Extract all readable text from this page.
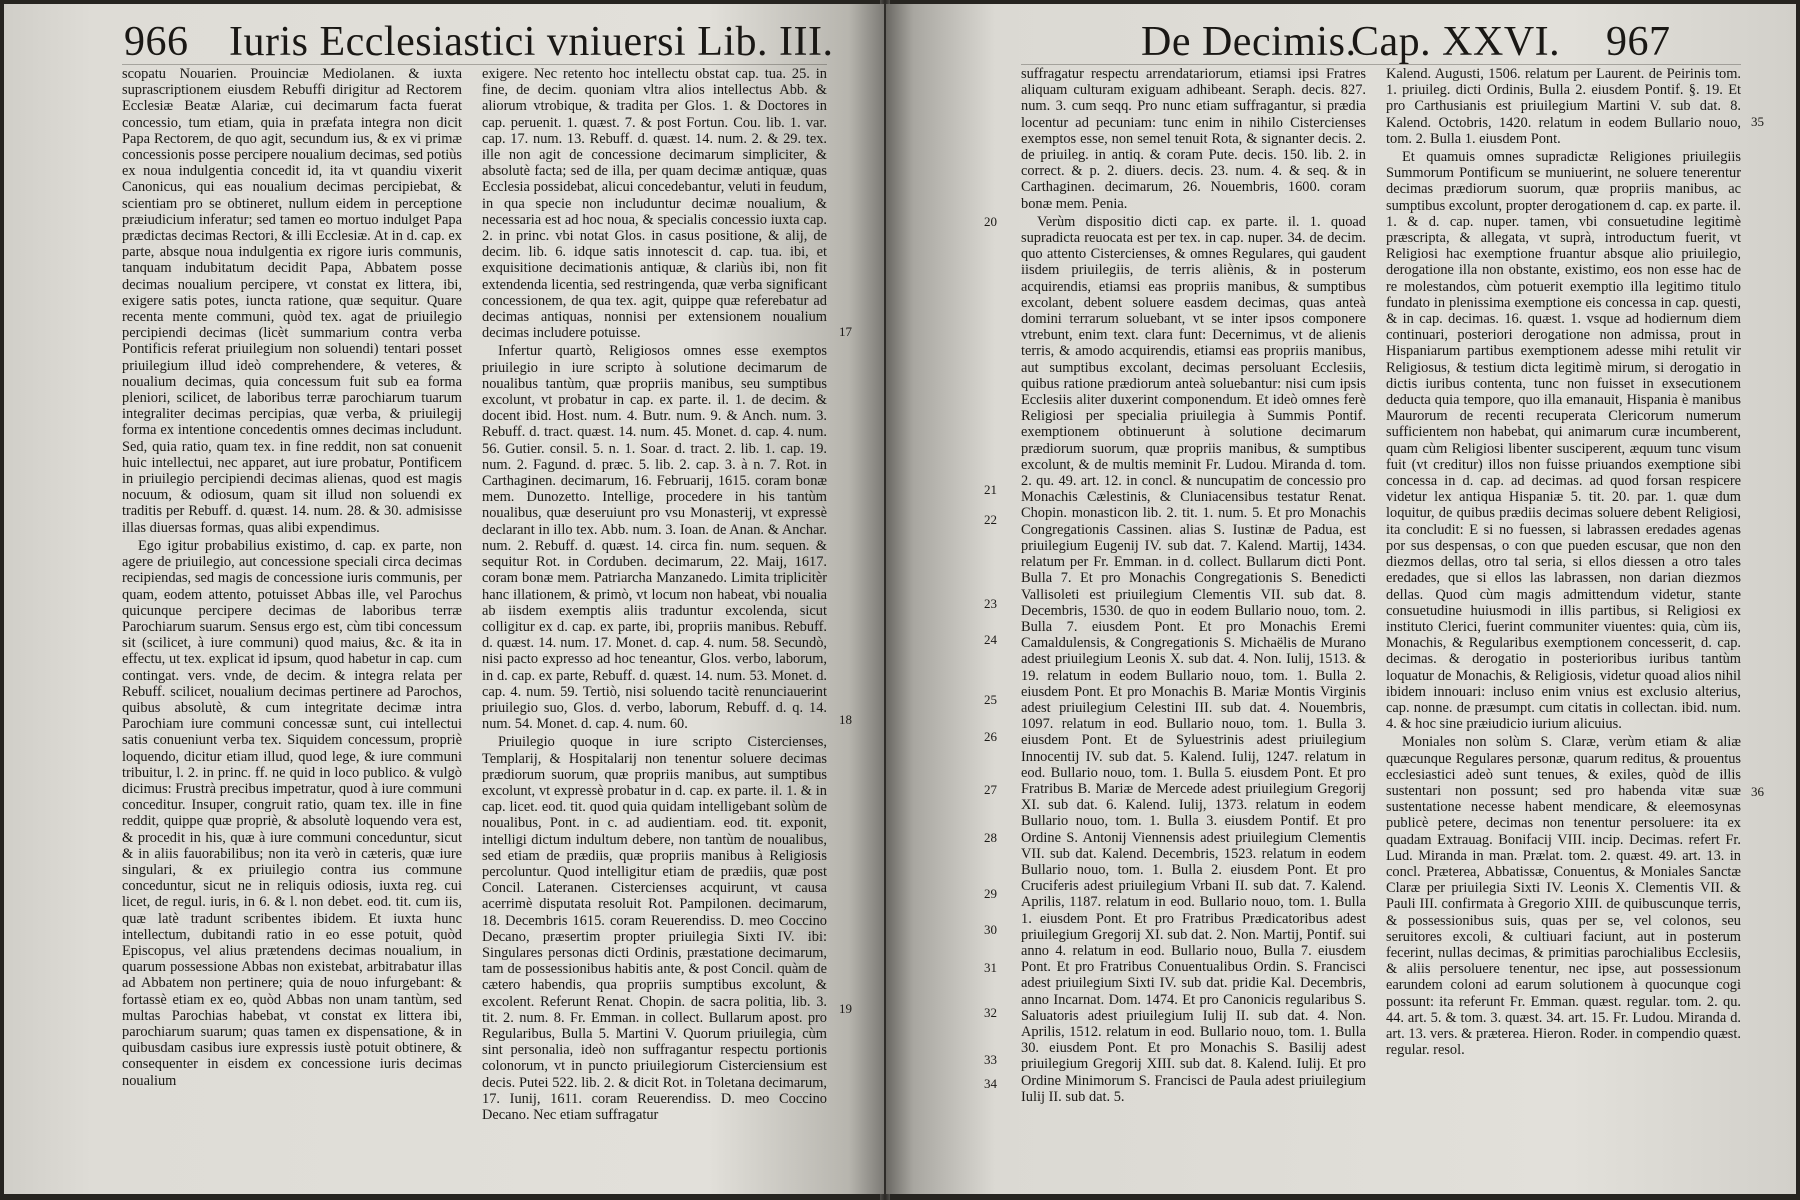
966 Iuris Ecclesiastici vniuersi Lib. III.

scopatu Nouarien. Prouinciæ Mediolanen. & iuxta suprascriptionem eiusdem Rebuffi dirigitur ad Rectorem Ecclesiæ Beatæ Alariæ, cui decimarum facta fuerat concessio, tum etiam, quia in præfata integra non dicit Papa Rectorem, de quo agit, secundum ius, & ex vi primæ concessionis posse percipere noualium decimas, sed potiùs ex noua indulgentia concedit id, ita vt quandiu vixerit Canonicus, qui eas noualium decimas percipiebat, & scientiam pro se obtineret, nullum eidem in perceptione præiudicium inferatur; sed tamen eo mortuo indulget Papa prædictas decimas Rectori, & illi Ecclesiæ. At in d. cap. ex parte, absque noua indulgentia ex rigore iuris communis, tanquam indubitatum decidit Papa, Abbatem posse decimas noualium percipere, vt constat ex littera, ibi, exigere satis potes, iuncta ratione, quæ sequitur. Quare recenta mente communi, quòd tex. agat de priuilegio percipiendi decimas (licèt summarium contra verba Pontificis referat priuilegium non soluendi) tentari posset priuilegium illud ideò comprehendere, & veteres, & noualium decimas, quia concessum fuit sub ea forma pleniori, scilicet, de laboribus terræ parochiarum tuarum integraliter decimas percipias, quæ verba, & priuilegij forma ex intentione concedentis omnes decimas includunt. Sed, quia ratio, quam tex. in fine reddit, non sat conuenit huic intellectui, nec apparet, aut iure probatur, Pontificem in priuilegio percipiendi decimas alienas, quod est magis nocuum, & odiosum, quam sit illud non soluendi ex traditis per Rebuff. d. quæst. 14. num. 28. & 30. admisisse illas diuersas formas, quas alibi expendimus.

Ego igitur probabilius existimo, d. cap. ex parte, non agere de priuilegio, aut concessione speciali circa decimas recipiendas, sed magis de concessione iuris communis, per quam, eodem attento, potuisset Abbas ille, vel Parochus quicunque percipere decimas de laboribus terræ Parochiarum suarum. Sensus ergo est, cùm tibi concessum sit (scilicet, à iure communi) quod maius, &c. & ita in effectu, ut tex. explicat id ipsum, quod habetur in cap. cum contingat. vers. vnde, de decim. & integra relata per Rebuff. scilicet, noualium decimas pertinere ad Parochos, quibus absolutè, & cum integritate decimæ intra Parochiam iure communi concessæ sunt, cui intellectui satis conueniunt verba tex. Siquidem concessum, propriè loquendo, dicitur etiam illud, quod lege, & iure communi tribuitur, l. 2. in princ. ff. ne quid in loco publico. & vulgò dicimus: Frustrà precibus impetratur, quod à iure communi conceditur. Insuper, congruit ratio, quam tex. ille in fine reddit, quippe quæ propriè, & absolutè loquendo vera est, & procedit in his, quæ à iure communi conceduntur, sicut & in aliis fauorabilibus; non ita verò in cæteris, quæ iure singulari, & ex priuilegio contra ius commune conceduntur, sicut ne in reliquis odiosis, iuxta reg. cui licet, de regul. iuris, in 6. & l. non debet. eod. tit. cum iis, quæ latè tradunt scribentes ibidem. Et iuxta hunc intellectum, dubitandi ratio in eo esse potuit, quòd Episcopus, vel alius prætendens decimas noualium, in quarum possessione Abbas non existebat, arbitrabatur illas ad Abbatem non pertinere; quia de nouo infurgebant: & fortassè etiam ex eo, quòd Abbas non unam tantùm, sed multas Parochias habebat, vt constat ex littera ibi, parochiarum suarum; quas tamen ex dispensatione, & in quibusdam casibus iure expressis iustè potuit obtinere, & consequenter in eisdem ex concessione iuris decimas noualium

exigere. Nec retento hoc intellectu obstat cap. tua. 25. in fine, de decim. quoniam vltra alios intellectus Abb. & aliorum vtrobique, & tradita per Glos. 1. & Doctores in cap. peruenit. 1. quæst. 7. & post Fortun. Cou. lib. 1. var. cap. 17. num. 13. Rebuff. d. quæst. 14. num. 2. & 29. tex. ille non agit de concessione decimarum simpliciter, & absolutè facta; sed de illa, per quam decimæ antiquæ, quas Ecclesia possidebat, alicui concedebantur, veluti in feudum, in qua specie non includuntur decimæ noualium, & necessaria est ad hoc noua, & specialis concessio iuxta cap. 2. in princ. vbi notat Glos. in casus positione, & alij, de decim. lib. 6. idque satis innotescit d. cap. tua. ibi, et exquisitione decimationis antiquæ, & clariùs ibi, non fit extendenda licentia, sed restringenda, quæ verba significant concessionem, de qua tex. agit, quippe quæ referebatur ad decimas antiquas, nonnisi per extensionem noualium decimas includere potuisse.

Infertur quartò, Religiosos omnes esse exemptos priuilegio in iure scripto à solutione decimarum de noualibus tantùm, quæ propriis manibus, seu sumptibus excolunt, vt probatur in cap. ex parte. il. 1. de decim. & docent ibid. Host. num. 4. Butr. num. 9. & Anch. num. 3. Rebuff. d. tract. quæst. 14. num. 45. Monet. d. cap. 4. num. 56. Gutier. consil. 5. n. 1. Soar. d. tract. 2. lib. 1. cap. 19. num. 2. Fagund. d. præc. 5. lib. 2. cap. 3. à n. 7. Rot. in Carthaginen. decimarum, 16. Februarij, 1615. coram bonæ mem. Dunozetto. Intellige, procedere in his tantùm noualibus, quæ deseruiunt pro vsu Monasterij, vt expressè declarant in illo tex. Abb. num. 3. Ioan. de Anan. & Anchar. num. 2. Rebuff. d. quæst. 14. circa fin. num. sequen. & sequitur Rot. in Corduben. decimarum, 22. Maij, 1617. coram bonæ mem. Patriarcha Manzanedo. Limita triplicitèr hanc illationem, & primò, vt locum non habeat, vbi noualia ab iisdem exemptis aliis traduntur excolenda, sicut colligitur ex d. cap. ex parte, ibi, propriis manibus. Rebuff. d. quæst. 14. num. 17. Monet. d. cap. 4. num. 58. Secundò, nisi pacto expresso ad hoc teneantur, Glos. verbo, laborum, in d. cap. ex parte, Rebuff. d. quæst. 14. num. 53. Monet. d. cap. 4. num. 59. Tertiò, nisi soluendo tacitè renunciauerint priuilegio suo, Glos. d. verbo, laborum, Rebuff. d. q. 14. num. 54. Monet. d. cap. 4. num. 60.

Priuilegio quoque in iure scripto Cistercienses, Templarij, & Hospitalarij non tenentur soluere decimas prædiorum suorum, quæ propriis manibus, aut sumptibus excolunt, vt expressè probatur in d. cap. ex parte. il. 1. & in cap. licet. eod. tit. quod quia quidam intelligebant solùm de noualibus, Pont. in c. ad audientiam. eod. tit. exponit, intelligi dictum indultum debere, non tantùm de noualibus, sed etiam de prædiis, quæ propriis manibus à Religiosis percoluntur. Quod intelligitur etiam de prædiis, quæ post Concil. Lateranen. Cistercienses acquirunt, vt causa acerrimè disputata resoluit Rot. Pampilonen. decimarum, 18. Decembris 1615. coram Reuerendiss. D. meo Coccino Decano, præsertim propter priuilegia Sixti IV. ibi: Singulares personas dicti Ordinis, præstatione decimarum, tam de possessionibus habitis ante, & post Concil. quàm de cætero habendis, qua propriis sumptibus excolunt, & excolent. Referunt Renat. Chopin. de sacra politia, lib. 3. tit. 2. num. 8. Fr. Emman. in collect. Bullarum apost. pro Regularibus, Bulla 5. Martini V. Quorum priuilegia, cùm sint personalia, ideò non suffragantur respectu portionis colonorum, vt in puncto priuilegiorum Cisterciensium est decis. Putei 522. lib. 2. & dicit Rot. in Toletana decimarum, 17. Iunij, 1611. coram Reuerendiss. D. meo Coccino Decano. Nec etiam suffragatur

17
18
19
De Decimis.
Cap. XXVI. 967

suffragatur respectu arrendatariorum, etiamsi ipsi Fratres aliquam culturam exiguam adhibeant. Seraph. decis. 827. num. 3. cum seqq. Pro nunc etiam suffragantur, si prædia locentur ad pecuniam: tunc enim in nihilo Cistercienses exemptos esse, non semel tenuit Rota, & signanter decis. 2. de priuileg. in antiq. & coram Pute. decis. 150. lib. 2. in correct. & p. 2. diuers. decis. 23. num. 4. & seq. & in Carthaginen. decimarum, 26. Nouembris, 1600. coram bonæ mem. Penia.

Verùm dispositio dicti cap. ex parte. il. 1. quoad supradicta reuocata est per tex. in cap. nuper. 34. de decim. quo attento Cistercienses, & omnes Regulares, qui gaudent iisdem priuilegiis, de terris aliènis, & in posterum acquirendis, etiamsi eas propriis manibus, & sumptibus excolant, debent soluere easdem decimas, quas anteà domini terrarum soluebant, vt se inter ipsos componere vtrebunt, enim text. clara funt: Decernimus, vt de alienis terris, & amodo acquirendis, etiamsi eas propriis manibus, aut sumptibus excolant, decimas persoluant Ecclesiis, quibus ratione prædiorum anteà soluebantur: nisi cum ipsis Ecclesiis aliter duxerint componendum. Et ideò omnes ferè Religiosi per specialia priuilegia à Summis Pontif. exemptionem obtinuerunt à solutione decimarum prædiorum suorum, quæ propriis manibus, & sumptibus excolunt, & de multis meminit Fr. Ludou. Miranda d. tom. 2. qu. 49. art. 12. in concl. & nuncupatim de concessio pro Monachis Cælestinis, & Cluniacensibus testatur Renat. Chopin. monasticon lib. 2. tit. 1. num. 5. Et pro Monachis Congregationis Cassinen. alias S. Iustinæ de Padua, est priuilegium Eugenij IV. sub dat. 7. Kalend. Martij, 1434. relatum per Fr. Emman. in d. collect. Bullarum dicti Pont. Bulla 7. Et pro Monachis Congregationis S. Benedicti Vallisoleti est priuilegium Clementis VII. sub dat. 8. Decembris, 1530. de quo in eodem Bullario nouo, tom. 2. Bulla 7. eiusdem Pont. Et pro Monachis Eremi Camaldulensis, & Congregationis S. Michaëlis de Murano adest priuilegium Leonis X. sub dat. 4. Non. Iulij, 1513. & 19. relatum in eodem Bullario nouo, tom. 1. Bulla 2. eiusdem Pont. Et pro Monachis B. Mariæ Montis Virginis adest priuilegium Celestini III. sub dat. 4. Nouembris, 1097. relatum in eod. Bullario nouo, tom. 1. Bulla 3. eiusdem Pont. Et de Syluestrinis adest priuilegium Innocentij IV. sub dat. 5. Kalend. Iulij, 1247. relatum in eod. Bullario nouo, tom. 1. Bulla 5. eiusdem Pont. Et pro Fratribus B. Mariæ de Mercede adest priuilegium Gregorij XI. sub dat. 6. Kalend. Iulij, 1373. relatum in eodem Bullario nouo, tom. 1. Bulla 3. eiusdem Pontif. Et pro Ordine S. Antonij Viennensis adest priuilegium Clementis VII. sub dat. Kalend. Decembris, 1523. relatum in eodem Bullario nouo, tom. 1. Bulla 2. eiusdem Pont. Et pro Cruciferis adest priuilegium Vrbani II. sub dat. 7. Kalend. Aprilis, 1187. relatum in eod. Bullario nouo, tom. 1. Bulla 1. eiusdem Pont. Et pro Fratribus Prædicatoribus adest priuilegium Gregorij XI. sub dat. 2. Non. Martij, Pontif. sui anno 4. relatum in eod. Bullario nouo, Bulla 7. eiusdem Pont. Et pro Fratribus Conuentualibus Ordin. S. Francisci adest priuilegium Sixti IV. sub dat. pridie Kal. Decembris, anno Incarnat. Dom. 1474. Et pro Canonicis regularibus S. Saluatoris adest priuilegium Iulij II. sub dat. 4. Non. Aprilis, 1512. relatum in eod. Bullario nouo, tom. 1. Bulla 30. eiusdem Pont. Et pro Monachis S. Basilij adest priuilegium Gregorij XIII. sub dat. 8. Kalend. Iulij. Et pro Ordine Minimorum S. Francisci de Paula adest priuilegium Iulij II. sub dat. 5.

Kalend. Augusti, 1506. relatum per Laurent. de Peirinis tom. 1. priuileg. dicti Ordinis, Bulla 2. eiusdem Pontif. §. 19. Et pro Carthusianis est priuilegium Martini V. sub dat. 8. Kalend. Octobris, 1420. relatum in eodem Bullario nouo, tom. 2. Bulla 1. eiusdem Pont.

Et quamuis omnes supradictæ Religiones priuilegiis Summorum Pontificum se muniuerint, ne soluere tenerentur decimas prædiorum suorum, quæ propriis manibus, ac sumptibus excolunt, propter derogationem d. cap. ex parte. il. 1. & d. cap. nuper. tamen, vbi consuetudine legitimè præscripta, & allegata, vt suprà, introductum fuerit, vt Religiosi hac exemptione fruantur absque alio priuilegio, derogatione illa non obstante, existimo, eos non esse hac de re molestandos, cùm potuerit exemptio illa legitimo titulo fundato in plenissima exemptione eis concessa in cap. questi, & in cap. decimas. 16. quæst. 1. vsque ad hodiernum diem continuari, posteriori derogatione non admissa, prout in Hispaniarum partibus exemptionem adesse mihi retulit vir Religiosus, & testium dicta legitimè mirum, si derogatio in dictis iuribus contenta, tunc non fuisset in exsecutionem deducta quia tempore, quo illa emanauit, Hispania è manibus Maurorum de recenti recuperata Clericorum numerum sufficientem non habebat, qui animarum curæ incumberent, quam cùm Religiosi libenter susciperent, æquum tunc visum fuit (vt creditur) illos non fuisse priuandos exemptione sibi concessa in d. cap. ad decimas. ad quod forsan respicere videtur lex antiqua Hispaniæ 5. tit. 20. par. 1. quæ dum loquitur, de quibus prædiis decimas soluere debent Religiosi, ita concludit: E si no fuessen, si labrassen eredades agenas por sus despensas, o con que pueden escusar, que non den diezmos dellas, otro tal seria, si ellos diessen a otro tales eredades, que si ellos las labrassen, non darian diezmos dellas. Quod cùm magis admittendum videtur, stante consuetudine huiusmodi in illis partibus, si Religiosi ex instituto Clerici, fuerint communiter viuentes: quia, cùm iis, Monachis, & Regularibus exemptionem concesserit, d. cap. decimas. & derogatio in posterioribus iuribus tantùm loquatur de Monachis, & Religiosis, videtur quoad alios nihil ibidem innouari: incluso enim vnius est exclusio alterius, cap. nonne. de præsumpt. cum citatis in collectan. ibid. num. 4. & hoc sine præiudicio iurium alicuius.

Moniales non solùm S. Claræ, verùm etiam & aliæ quæcunque Regulares personæ, quarum reditus, & prouentus ecclesiastici adeò sunt tenues, & exiles, quòd de illis sustentari non possunt; sed pro habenda vitæ suæ sustentatione necesse habent mendicare, & eleemosynas publicè petere, decimas non tenentur persoluere: ita ex quadam Extrauag. Bonifacij VIII. incip. Decimas. refert Fr. Lud. Miranda in man. Prælat. tom. 2. quæst. 49. art. 13. in concl. Præterea, Abbatissæ, Conuentus, & Moniales Sanctæ Claræ per priuilegia Sixti IV. Leonis X. Clementis VII. & Pauli III. confirmata à Gregorio XIII. de quibuscunque terris, & possessionibus suis, quas per se, vel colonos, seu seruitores excoli, & cultiuari faciunt, aut in posterum fecerint, nullas decimas, & primitias parochialibus Ecclesiis, & aliis persoluere tenentur, nec ipse, aut possessionum earundem coloni ad earum solutionem à quocunque cogi possunt: ita referunt Fr. Emman. quæst. regular. tom. 2. qu. 44. art. 5. & tom. 3. quæst. 34. art. 15. Fr. Ludou. Miranda d. art. 13. vers. & præterea. Hieron. Roder. in compendio quæst. regular. resol.

20
21
22
23
24
25
26
27
28
29
30
31
32
33
34
35
36
